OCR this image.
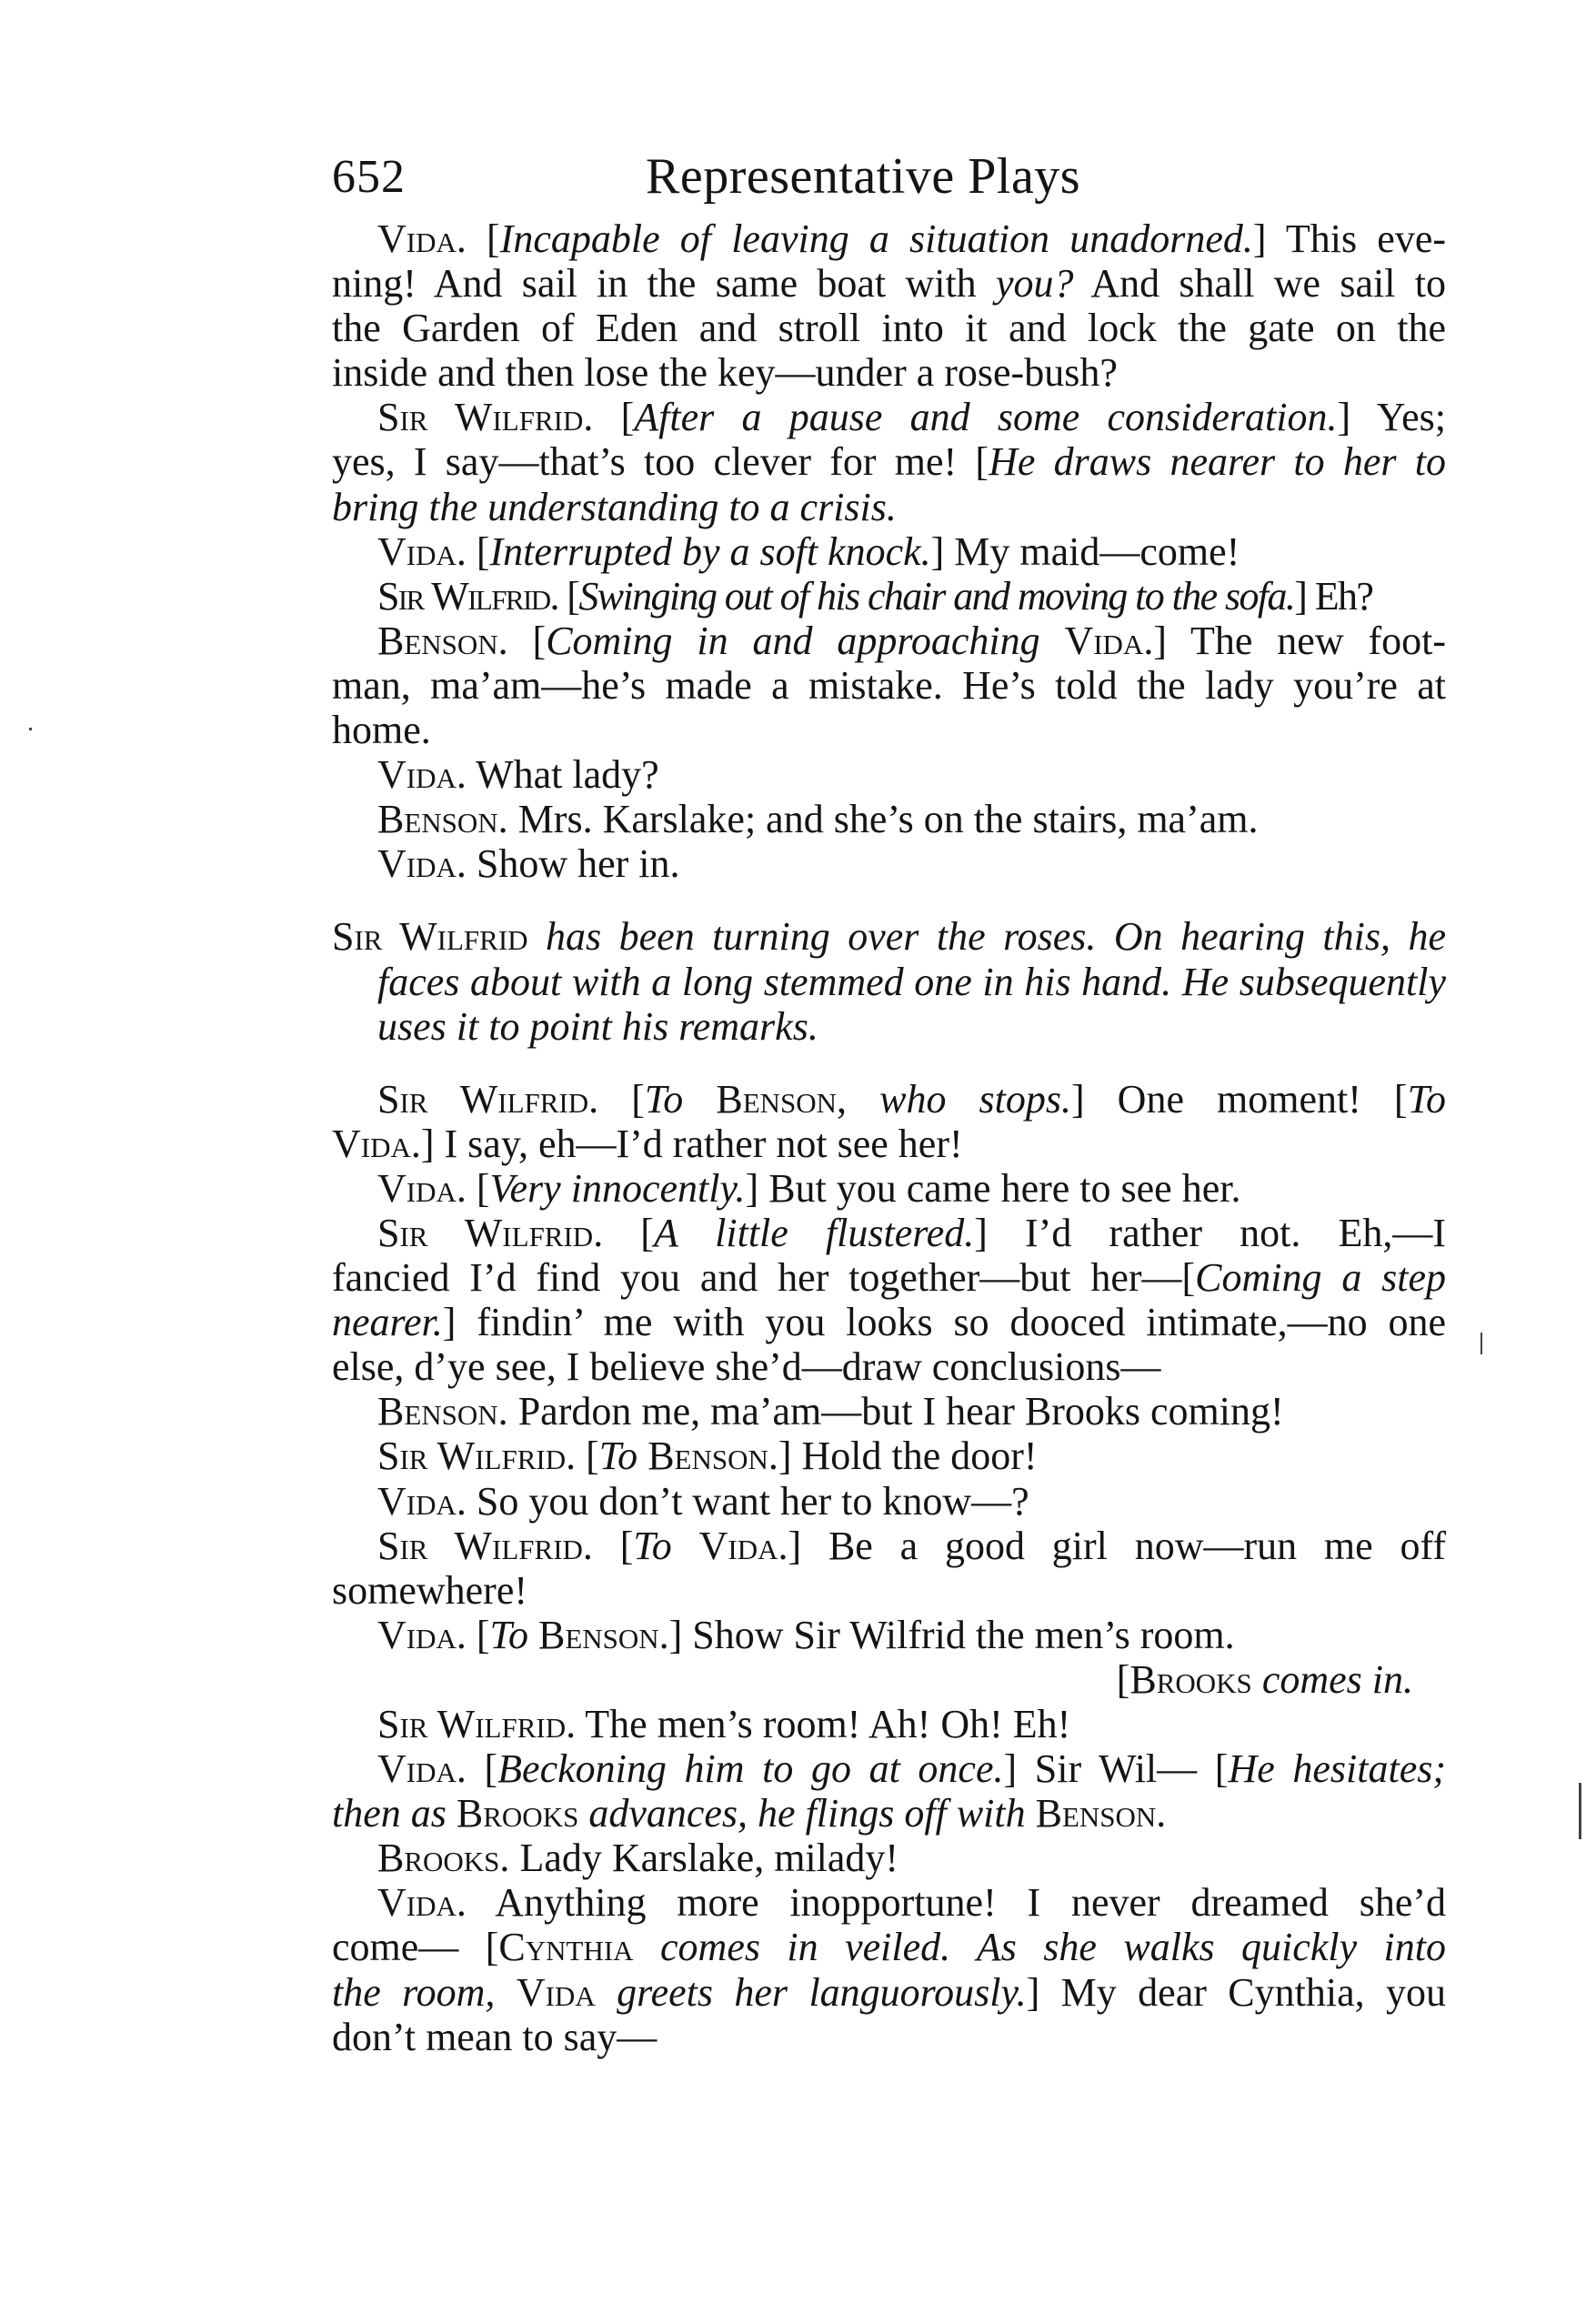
652	Representative Plays
Vida. [Incapable of leaving a situation unadorned.] This eve-
ning! And sail in the same boat with you? And shall we sail to
the Garden of Eden and stroll into it and lock the gate on the
inside and then lose the key—under a rose-bush?
Sir Wilfrid. [After a pause and some consideration.] Yes;
yes, I say—that’s too clever for me! [He draws nearer to her to
bring the understanding to a crisis.
Vida. [Interrupted by a soft knock.] My maid—come!
Sir Wilfrid. [Swinging out of his chair and moving to the sofa.] Eh?
Benson. [Coming in and approaching Vida.] The new foot-
man, ma’am—he’s made a mistake. He’s told the lady you’re at
home.
Vida. What lady?
Benson. Mrs. Karslake; and she’s on the stairs, ma’am.
Vida. Show her in.
Sir Wilfrid has been turning over the roses. On hearing this, he
faces about with a long stemmed one in his hand. He subsequently
uses it to point his remarks.
Sir Wilfrid. [To Benson, who stops.] One moment! [To
Vida.] I say, eh—I’d rather not see her!
Vida. [Very innocently.] But you came here to see her.
Sir Wilfrid. [A little flustered.] I’d rather not. Eh,—I
fancied I’d find you and her together—but her—[Coming a step
nearer.] findin’ me with you looks so dooced intimate,—no one
else, d’ye see, I believe she’d—draw conclusions—
Benson. Pardon me, ma’am—but I hear Brooks coming!
Sir Wilfrid. [To Benson.] Hold the door!
Vida. So you don’t want her to know—?
Sir Wilfrid. [To Vida.] Be a good girl now—run me off
somewhere!
Vida. [To Benson.] Show Sir Wilfrid the men’s room.
[Brooks comes in.
Sir Wilfrid. The men’s room! Ah! Oh! Eh!
Vida. [Beckoning him to go at once.] Sir Wil— [He hesitates;
then as Brooks advances, he flings off with Benson.
Brooks. Lady Karslake, milady!
Vida. Anything more inopportune! I never dreamed she’d
come— [Cynthia comes in veiled. As she walks quickly into
the room, Vida greets her languorously.] My dear Cynthia, you
don’t mean to say—
